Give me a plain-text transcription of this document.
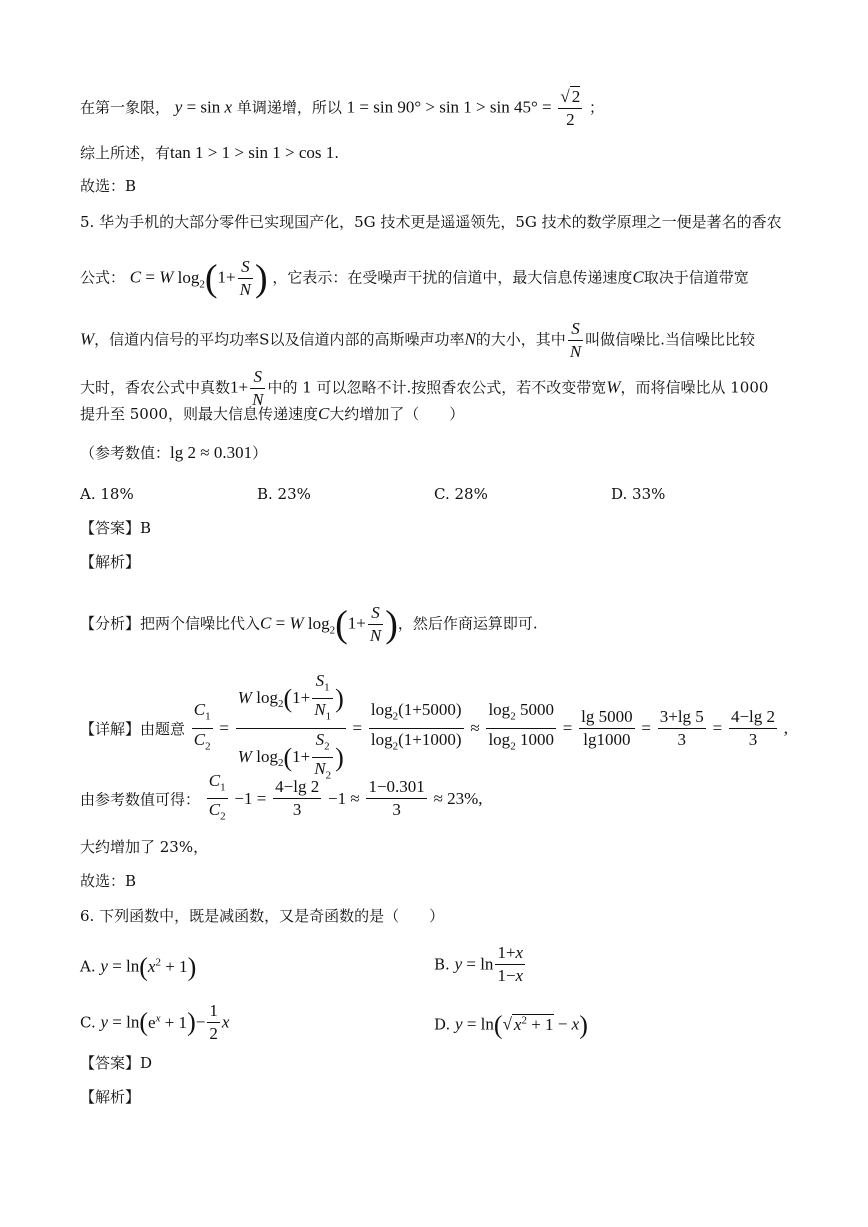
在第一象限， y = sin x 单调递增，所以 $1 = \sin 90^\circ > \sin 1 > \sin 45^\circ = \frac{√ 2}{2}$ ；
综上所述，有tan 1 > 1 > sin 1 > cos 1.
故选：B
5. 华为手机的大部分零件已实现国产化，5G 技术更是遥遥领先，5G 技术的数学原理之一便是著名的香农
公式： C = W $\log_2(1+ \frac{S}{N}$ ) ，它表示：在受噪声干扰的信道中，最大信息传递速度C取决于信道带宽
W，信道内信号的平均功率S以及信道内部的高斯噪声功率N的大小，其中 $\frac{S}{N}$ 叫做信噪比.当信噪比比较
大时，香农公式中真数$1+ \frac{S}{N}$ 中的 1 可以忽略不计.按照香农公式，若不改变带宽W，而将信噪比从 1000
提升至 5000，则最大信息传递速度C大约增加了（　　）
（参考数值：lg 2 ≈ 0.301）
A. 18%	B. 23%	C. 28%	D. 33%
【答案】B
【解析】
【分析】把两个信噪比代入C = W $\log_2(1+ \frac{S}{N}$ )，然后作商运算即可.
【详解】由题意 $\frac{C_1}{C_2} = \frac{W \log_2(1+ \frac{S_1}{N_1} )}{W \log_2(1+ \frac{S_2}{N_2} )} = \frac{\log_2(1+5000)}{\log_2(1+1000)} \approx \frac{\log_2 5000}{\log_2 1000} = \frac{\lg 5000}{\lg 1000} = \frac{3+\lg 5}{3} = \frac{4-\lg 2}{3}$ ,
由参考数值可得： $\frac{C_1}{C_2} -1 = \frac{4-\lg 2}{3} -1 \approx \frac{1-0.301}{3} \approx 23\%$,
大约增加了 23%，
故选：B
6. 下列函数中，既是减函数，又是奇函数的是（　　）
A. $y = \ln(x^2 + 1)$	B. $y = \ln \frac{1+x}{1-x}$
C. $y = \ln(e^x + 1)- \frac{1}{2}$ x	D. y = ln(√ $x^2 + 1 - x$)
【答案】D
【解析】
